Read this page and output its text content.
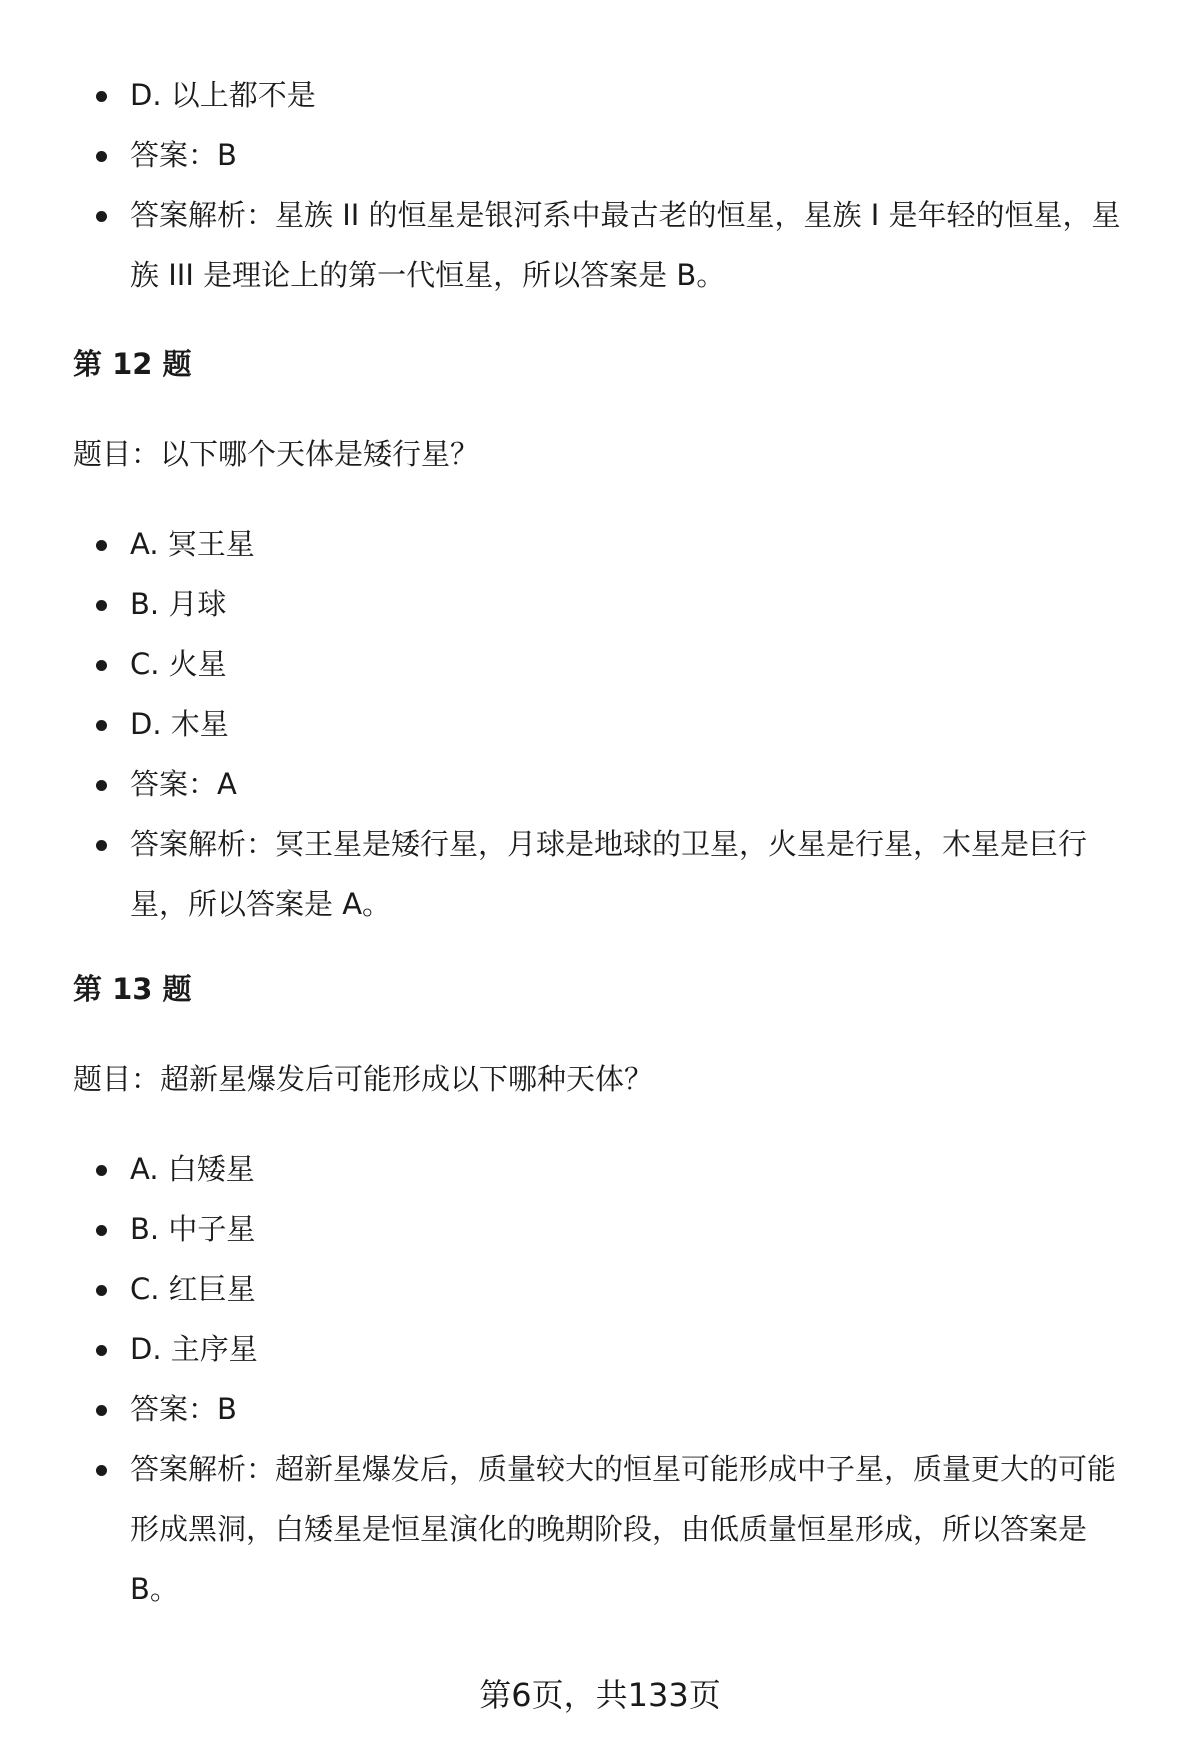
D. 以上都不是
答案：B
答案解析：星族 II 的恒星是银河系中最古老的恒星，星族 I 是年轻的恒星，星族 III 是理论上的第一代恒星，所以答案是 B。
第 12 题
题目：以下哪个天体是矮行星？
A. 冥王星
B. 月球
C. 火星
D. 木星
答案：A
答案解析：冥王星是矮行星，月球是地球的卫星，火星是行星，木星是巨行星，所以答案是 A。
第 13 题
题目：超新星爆发后可能形成以下哪种天体？
A. 白矮星
B. 中子星
C. 红巨星
D. 主序星
答案：B
答案解析：超新星爆发后，质量较大的恒星可能形成中子星，质量更大的可能形成黑洞，白矮星是恒星演化的晚期阶段，由低质量恒星形成，所以答案是 B。
第6页，共133页
